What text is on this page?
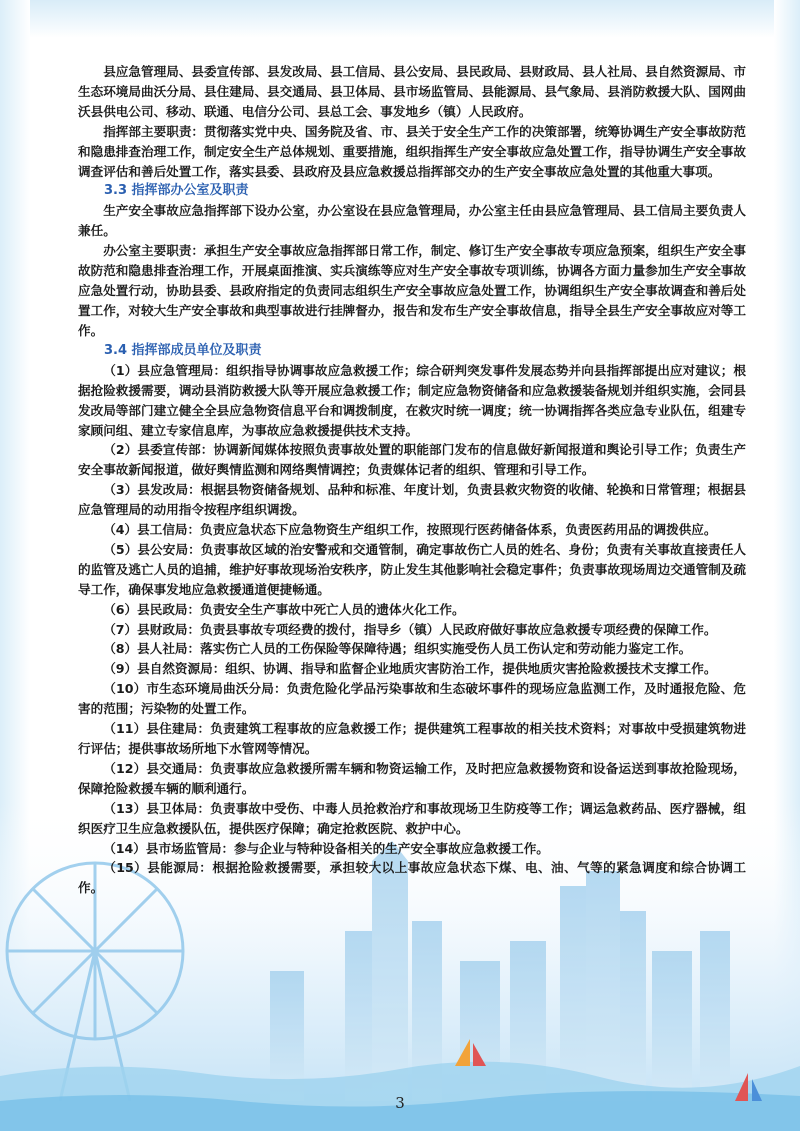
县应急管理局、县委宣传部、县发改局、县工信局、县公安局、县民政局、县财政局、县人社局、县自然资源局、市生态环境局曲沃分局、县住建局、县交通局、县卫体局、县市场监管局、县能源局、县气象局、县消防救援大队、国网曲沃县供电公司、移动、联通、电信分公司、县总工会、事发地乡（镇）人民政府。

指挥部主要职责：贯彻落实党中央、国务院及省、市、县关于安全生产工作的决策部署，统筹协调生产安全事故防范和隐患排查治理工作，制定安全生产总体规划、重要措施，组织指挥生产安全事故应急处置工作，指导协调生产安全事故调查评估和善后处置工作，落实县委、县政府及县应急救援总指挥部交办的生产安全事故应急处置的其他重大事项。

3.3 指挥部办公室及职责

生产安全事故应急指挥部下设办公室，办公室设在县应急管理局，办公室主任由县应急管理局、县工信局主要负责人兼任。

办公室主要职责：承担生产安全事故应急指挥部日常工作，制定、修订生产安全事故专项应急预案，组织生产安全事故防范和隐患排查治理工作，开展桌面推演、实兵演练等应对生产安全事故专项训练，协调各方面力量参加生产安全事故应急处置行动，协助县委、县政府指定的负责同志组织生产安全事故应急处置工作，协调组织生产安全事故调查和善后处置工作，对较大生产安全事故和典型事故进行挂牌督办，报告和发布生产安全事故信息，指导全县生产安全事故应对等工作。

3.4 指挥部成员单位及职责

（1）县应急管理局：组织指导协调事故应急救援工作；综合研判突发事件发展态势并向县指挥部提出应对建议；根据抢险救援需要，调动县消防救援大队等开展应急救援工作；制定应急物资储备和应急救援装备规划并组织实施，会同县发改局等部门建立健全全县应急物资信息平台和调拨制度，在救灾时统一调度；统一协调指挥各类应急专业队伍，组建专家顾问组、建立专家信息库，为事故应急救援提供技术支持。

（2）县委宣传部：协调新闻媒体按照负责事故处置的职能部门发布的信息做好新闻报道和舆论引导工作；负责生产安全事故新闻报道，做好舆情监测和网络舆情调控；负责媒体记者的组织、管理和引导工作。

（3）县发改局：根据县物资储备规划、品种和标准、年度计划，负责县救灾物资的收储、轮换和日常管理；根据县应急管理局的动用指令按程序组织调拨。

（4）县工信局：负责应急状态下应急物资生产组织工作，按照现行医药储备体系，负责医药用品的调拨供应。

（5）县公安局：负责事故区域的治安警戒和交通管制，确定事故伤亡人员的姓名、身份；负责有关事故直接责任人的监管及逃亡人员的追捕，维护好事故现场治安秩序，防止发生其他影响社会稳定事件；负责事故现场周边交通管制及疏导工作，确保事发地应急救援通道便捷畅通。

（6）县民政局：负责安全生产事故中死亡人员的遗体火化工作。

（7）县财政局：负责县事故专项经费的拨付，指导乡（镇）人民政府做好事故应急救援专项经费的保障工作。

（8）县人社局：落实伤亡人员的工伤保险等保障待遇；组织实施受伤人员工伤认定和劳动能力鉴定工作。

（9）县自然资源局：组织、协调、指导和监督企业地质灾害防治工作，提供地质灾害抢险救援技术支撑工作。

（10）市生态环境局曲沃分局：负责危险化学品污染事故和生态破坏事件的现场应急监测工作，及时通报危险、危害的范围；污染物的处置工作。

（11）县住建局：负责建筑工程事故的应急救援工作；提供建筑工程事故的相关技术资料；对事故中受损建筑物进行评估；提供事故场所地下水管网等情况。

（12）县交通局：负责事故应急救援所需车辆和物资运输工作，及时把应急救援物资和设备运送到事故抢险现场，保障抢险救援车辆的顺利通行。

（13）县卫体局：负责事故中受伤、中毒人员抢救治疗和事故现场卫生防疫等工作；调运急救药品、医疗器械，组织医疗卫生应急救援队伍，提供医疗保障；确定抢救医院、救护中心。

（14）县市场监管局：参与企业与特种设备相关的生产安全事故应急救援工作。

（15）县能源局：根据抢险救援需要，承担较大以上事故应急状态下煤、电、油、气等的紧急调度和综合协调工作。

3
